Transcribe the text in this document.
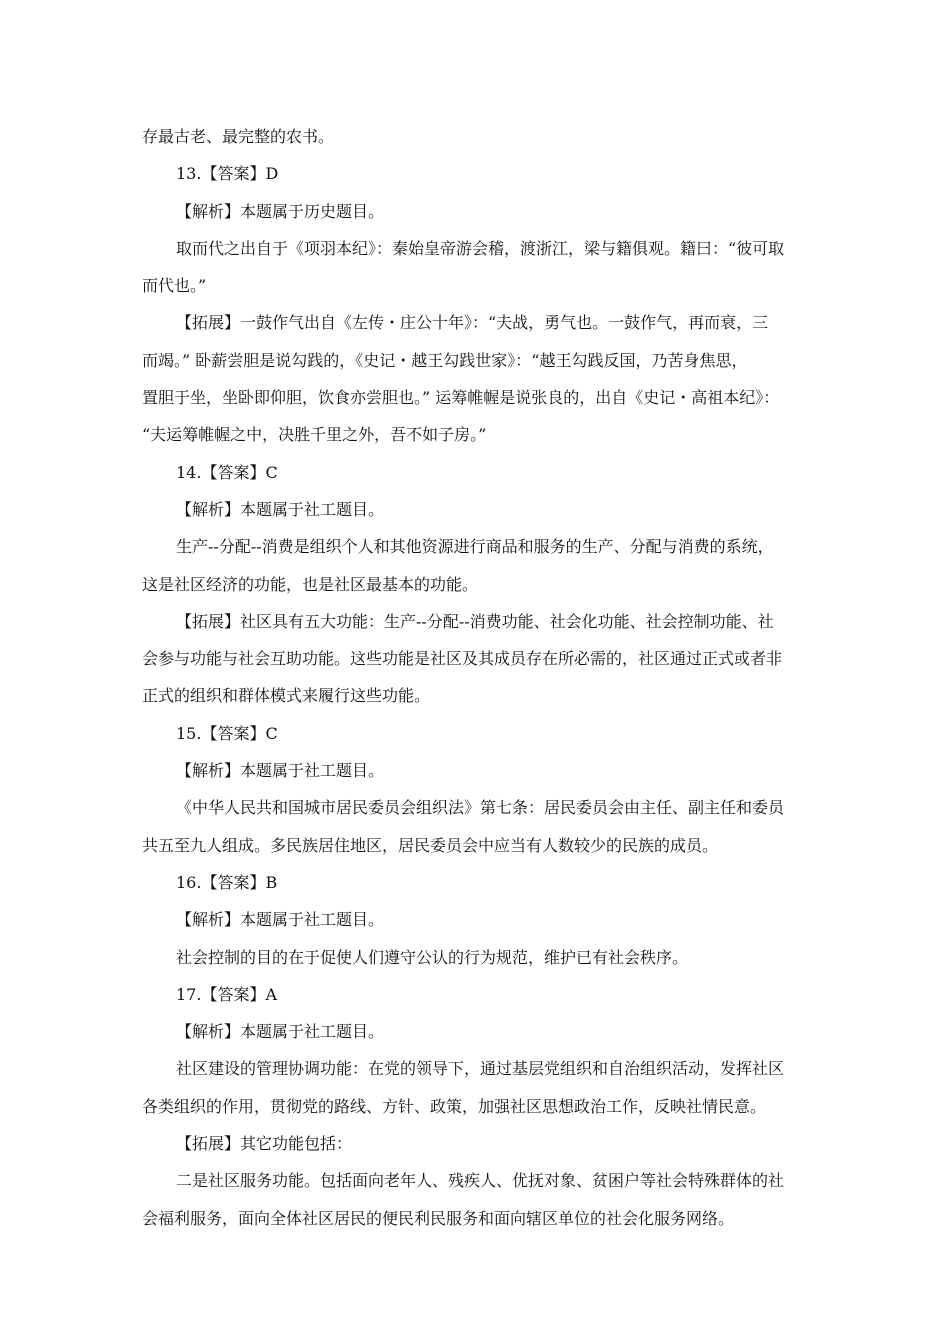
存最古老、最完整的农书。

13.【答案】D

【解析】本题属于历史题目。

取而代之出自于《项羽本纪》：秦始皇帝游会稽，渡浙江，梁与籍俱观。籍曰：“彼可取

而代也。”

【拓展】一鼓作气出自《左传・庄公十年》：“夫战，勇气也。一鼓作气，再而衰，三

而竭。” 卧薪尝胆是说勾践的，《史记・越王勾践世家》：“越王勾践反国，乃苦身焦思，

置胆于坐，坐卧即仰胆，饮食亦尝胆也。” 运筹帷幄是说张良的，出自《史记・高祖本纪》：

“夫运筹帷幄之中，决胜千里之外，吾不如子房。”

14.【答案】C

【解析】本题属于社工题目。

生产--分配--消费是组织个人和其他资源进行商品和服务的生产、分配与消费的系统，

这是社区经济的功能，也是社区最基本的功能。

【拓展】社区具有五大功能：生产--分配--消费功能、社会化功能、社会控制功能、社

会参与功能与社会互助功能。这些功能是社区及其成员存在所必需的，社区通过正式或者非

正式的组织和群体模式来履行这些功能。

15.【答案】C

【解析】本题属于社工题目。

《中华人民共和国城市居民委员会组织法》第七条：居民委员会由主任、副主任和委员

共五至九人组成。多民族居住地区，居民委员会中应当有人数较少的民族的成员。

16.【答案】B

【解析】本题属于社工题目。

社会控制的目的在于促使人们遵守公认的行为规范，维护已有社会秩序。

17.【答案】A

【解析】本题属于社工题目。

社区建设的管理协调功能：在党的领导下，通过基层党组织和自治组织活动，发挥社区

各类组织的作用，贯彻党的路线、方针、政策，加强社区思想政治工作，反映社情民意。

【拓展】其它功能包括：

二是社区服务功能。包括面向老年人、残疾人、优抚对象、贫困户等社会特殊群体的社

会福利服务，面向全体社区居民的便民利民服务和面向辖区单位的社会化服务网络。
